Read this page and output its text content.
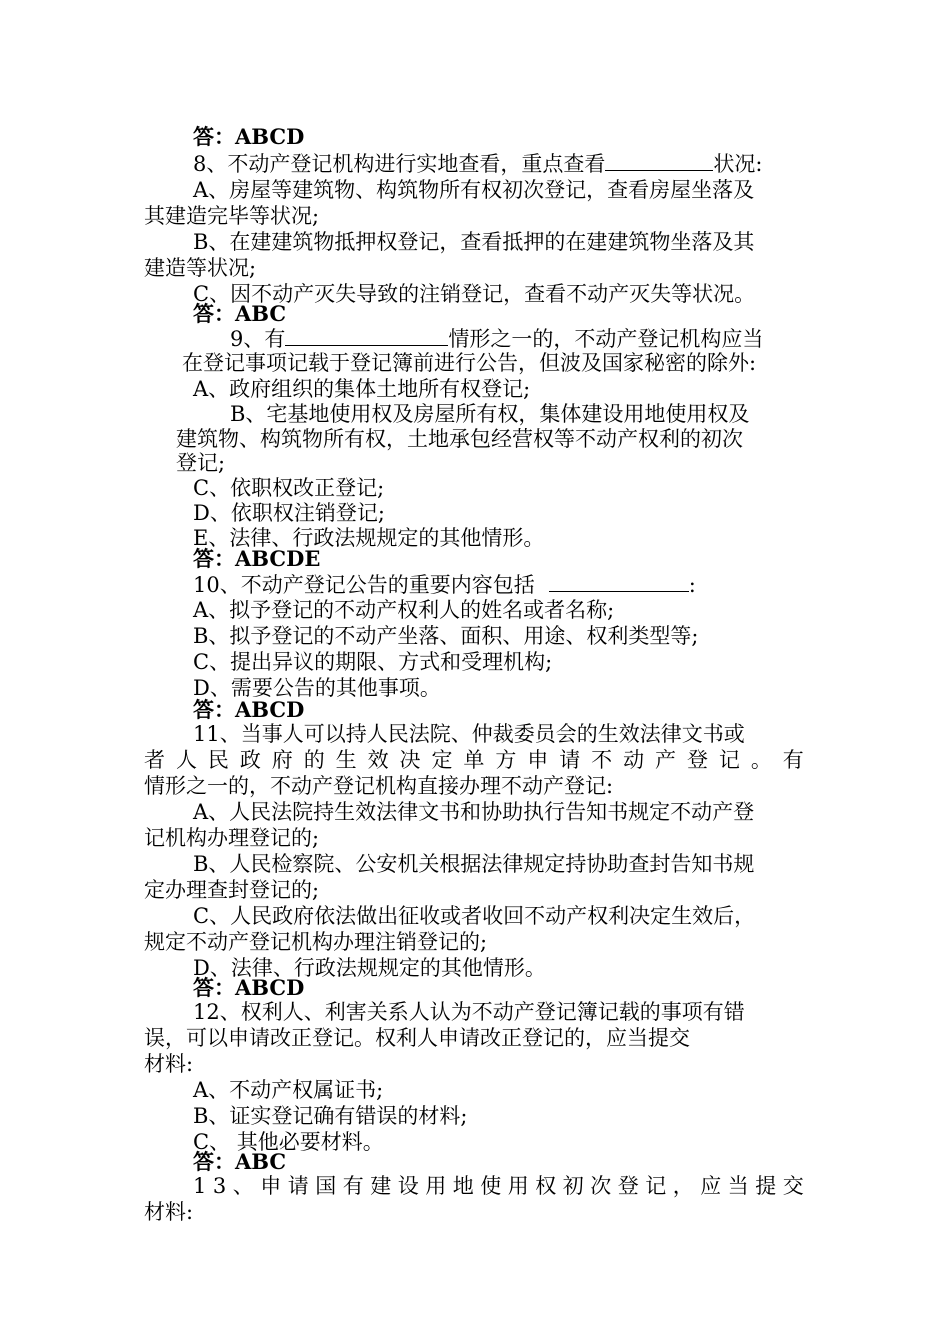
答：ABCD
8、不动产登记机构进行实地查看，重点查看	状况:
A、房屋等建筑物、构筑物所有权初次登记，查看房屋坐落及
其建造完毕等状况;
B、在建建筑物抵押权登记，查看抵押的在建建筑物坐落及其
建造等状况;
C、因不动产灭失导致的注销登记，查看不动产灭失等状况。
答：ABC
9、有	情形之一的，不动产登记机构应当
在登记事项记载于登记簿前进行公告，但波及国家秘密的除外:
A、政府组织的集体土地所有权登记;
B、宅基地使用权及房屋所有权，集体建设用地使用权及
建筑物、构筑物所有权，土地承包经营权等不动产权利的初次
登记;
C、依职权改正登记;
D、依职权注销登记;
E、法律、行政法规规定的其他情形。
答：ABCDE
10、不动产登记公告的重要内容包括	:
A、拟予登记的不动产权利人的姓名或者名称;
B、拟予登记的不动产坐落、面积、用途、权利类型等;
C、提出异议的期限、方式和受理机构;
D、需要公告的其他事项。
答：ABCD
11、当事人可以持人民法院、仲裁委员会的生效法律文书或
者 人 民 政 府 的 生 效 决 定 单 方 申 请 不 动 产 登 记 。 有
情形之一的，不动产登记机构直接办理不动产登记:
A、人民法院持生效法律文书和协助执行告知书规定不动产登
记机构办理登记的;
B、人民检察院、公安机关根据法律规定持协助查封告知书规
定办理查封登记的;
C、人民政府依法做出征收或者收回不动产权利决定生效后，
规定不动产登记机构办理注销登记的;
D、法律、行政法规规定的其他情形。
答：ABCD
12、权利人、利害关系人认为不动产登记簿记载的事项有错
误，可以申请改正登记。权利人申请改正登记的，应当提交
材料:
A、不动产权属证书;
B、证实登记确有错误的材料;
C、 其他必要材料。
答：ABC
1 3 、 申 请 国 有 建 设 用 地 使 用 权 初 次 登 记 ， 应 当 提 交
材料:
